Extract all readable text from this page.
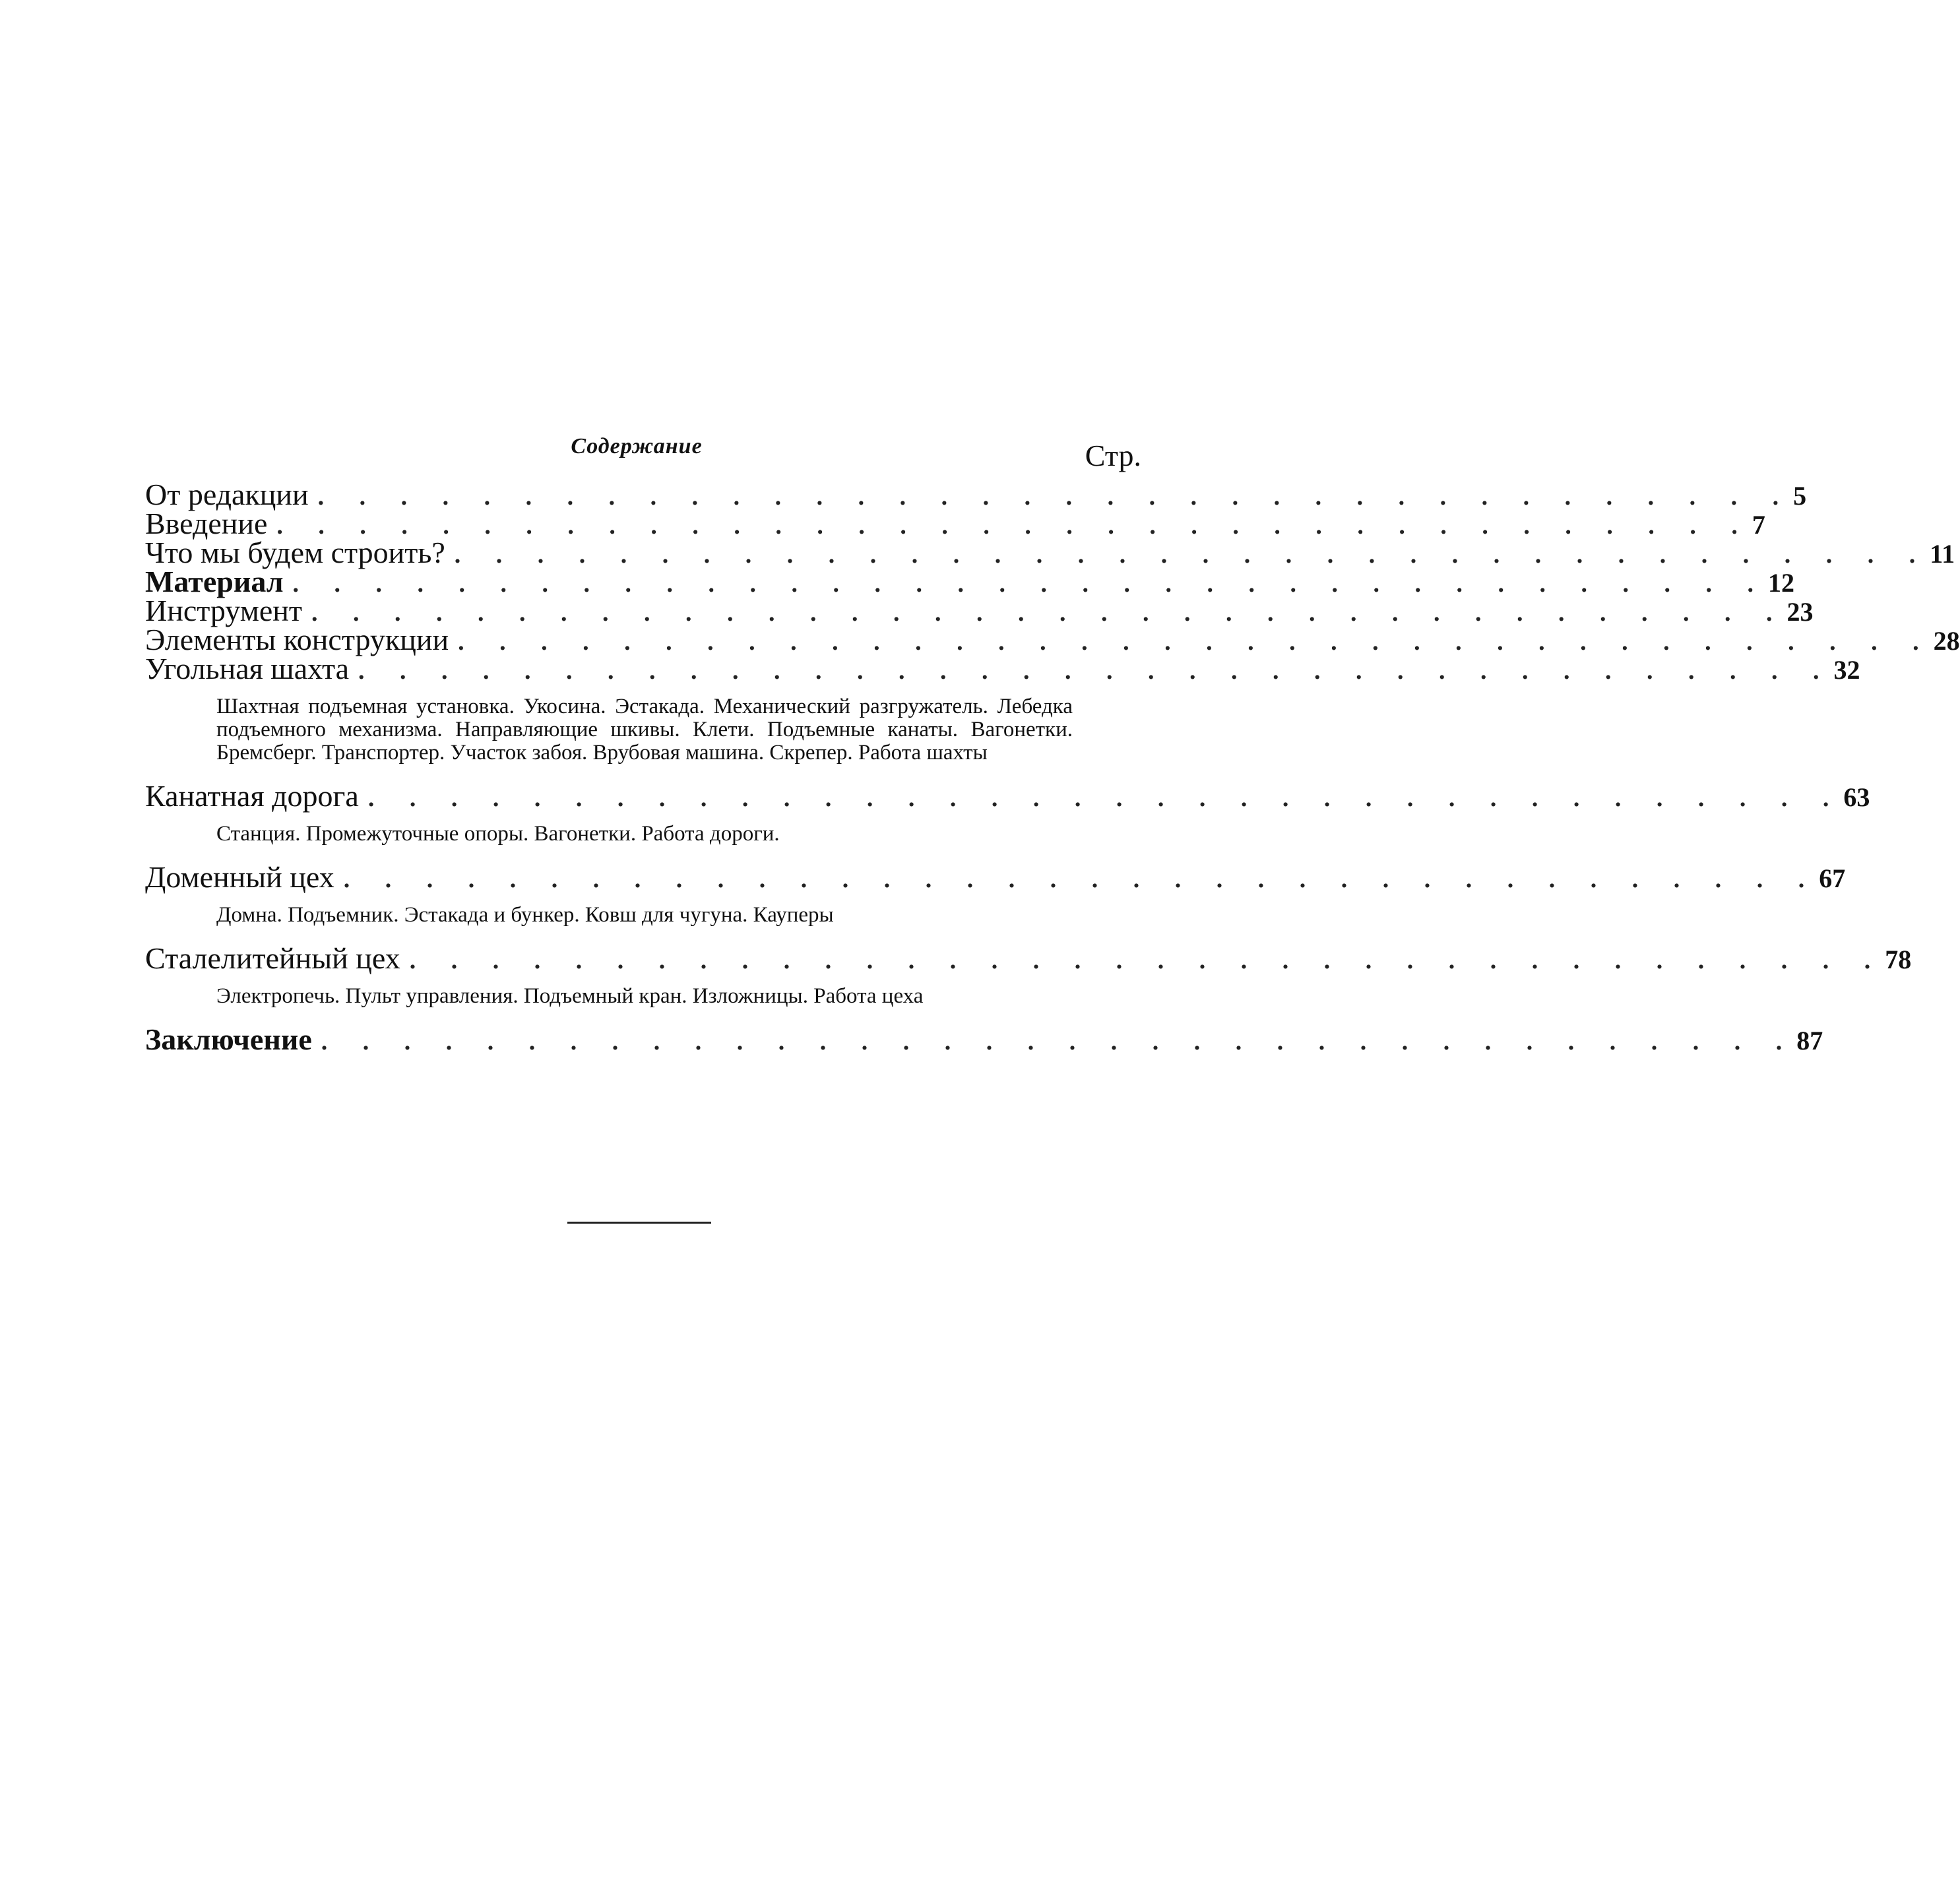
Содержание	Стр.
От редакции . . . . . . . . . . . . . . . . . . . . . . . . . . . . . . . . . . . . 5
Введение . . . . . . . . . . . . . . . . . . . . . . . . . . . . . . . . . . . . 7
Что мы будем строить? . . . . . . . . . . . . . . . . . . . . . . . . . . . . . . . . . . . . 11
Материал . . . . . . . . . . . . . . . . . . . . . . . . . . . . . . . . . . . . 12
Инструмент . . . . . . . . . . . . . . . . . . . . . . . . . . . . . . . . . . . . 23
Элементы конструкции . . . . . . . . . . . . . . . . . . . . . . . . . . . . . . . . . . . . 28
Угольная шахта . . . . . . . . . . . . . . . . . . . . . . . . . . . . . . . . . . . . 32
Шахтная подъемная установка. Укосина. Эстакада. Механический разгружатель. Лебедка подъемного механизма. Направляющие шкивы. Клети. Подъемные канаты. Вагонетки. Бремсберг. Транспортер. Участок забоя. Врубовая машина. Скрепер. Работа шахты
Канатная дорога . . . . . . . . . . . . . . . . . . . . . . . . . . . . . . . . . . . . 63
Станция. Промежуточные опоры. Вагонетки. Работа дороги.
Доменный цех . . . . . . . . . . . . . . . . . . . . . . . . . . . . . . . . . . . . 67
Домна. Подъемник. Эстакада и бункер. Ковш для чугуна. Кауперы
Сталелитейный цех . . . . . . . . . . . . . . . . . . . . . . . . . . . . . . . . . . . . 78
Электропечь. Пульт управления. Подъемный кран. Изложницы. Работа цеха
Заключение . . . . . . . . . . . . . . . . . . . . . . . . . . . . . . . . . . . . 87
